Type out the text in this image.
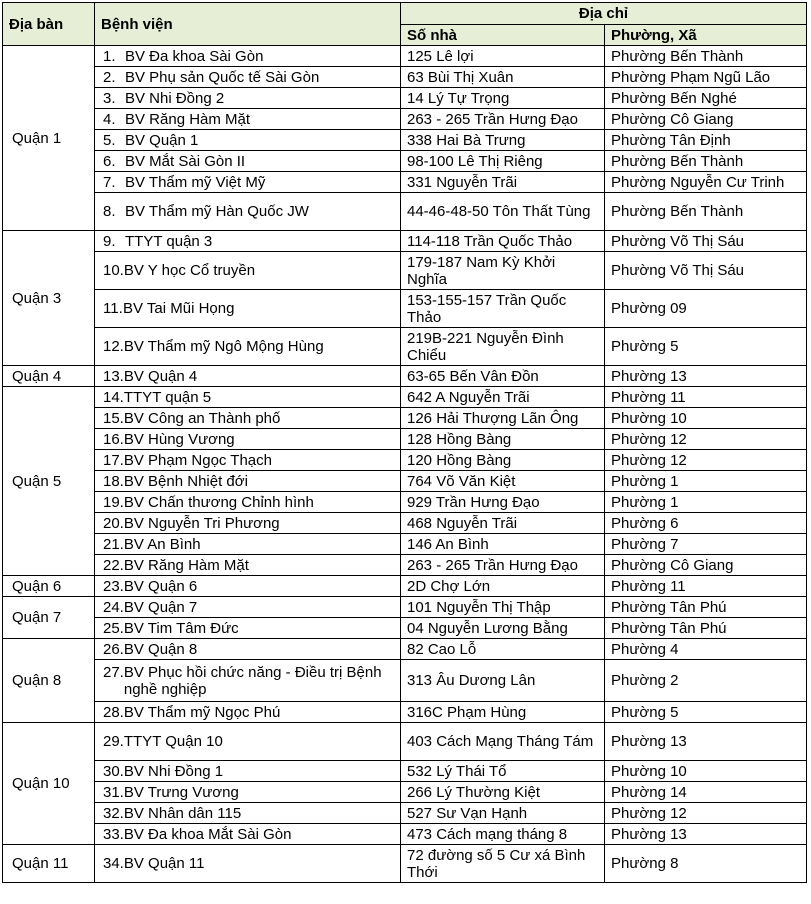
Địa bàn	Bệnh viện	Địa chỉ	
		Số nhà	Phường, Xã
Quận 1	1. BV Đa khoa Sài Gòn	125 Lê lợi	Phường Bến Thành

	2. BV Phụ sản Quốc tế Sài Gòn	63 Bùi Thị Xuân	Phường Phạm Ngũ Lão

	3. BV Nhi Đồng 2	14 Lý Tự Trọng	Phường Bến Nghé

	4. BV Răng Hàm Mặt	263 - 265 Trần Hưng Đạo	Phường Cô Giang

	5. BV Quận 1	338 Hai Bà Trưng	Phường Tân Định

	6. BV Mắt Sài Gòn II	98-100 Lê Thị Riêng	Phường Bến Thành

	7. BV Thẩm mỹ Việt Mỹ	331 Nguyễn Trãi	Phường Nguyễn Cư Trinh

	8. BV Thẩm mỹ Hàn Quốc JW	44-46-48-50 Tôn Thất Tùng	Phường Bến Thành
Quận 3	9. TTYT quận 3	114-118 Trần Quốc Thảo	Phường Võ Thị Sáu

	10. BV Y học Cổ truyền	179-187 Nam Kỳ Khởi Nghĩa	Phường Võ Thị Sáu

	11. BV Tai Mũi Họng	153-155-157 Trần Quốc Thảo	Phường 09

	12. BV Thẩm mỹ Ngô Mộng Hùng	219B-221 Nguyễn Đình Chiểu	Phường 5
Quận 4	13. BV Quận 4	63-65 Bến Vân Đồn	Phường 13
Quận 5	14. TTYT quận 5	642 A Nguyễn Trãi	Phường 11

	15. BV Công an Thành phố	126 Hải Thượng Lãn Ông	Phường 10

	16. BV Hùng Vương	128 Hồng Bàng	Phường 12

	17. BV Phạm Ngọc Thạch	120 Hồng Bàng	Phường 12

	18. BV Bệnh Nhiệt đới	764 Võ Văn Kiệt	Phường 1

	19. BV Chấn thương Chỉnh hình	929 Trần Hưng Đạo	Phường 1

	20. BV Nguyễn Tri Phương	468 Nguyễn Trãi	Phường 6

	21. BV An Bình	146 An Bình	Phường 7

	22. BV Răng Hàm Mặt	263 - 265 Trần Hưng Đạo	Phường Cô Giang
Quận 6	23. BV Quận 6	2D Chợ Lớn	Phường 11
Quận 7	24. BV Quận 7	101 Nguyễn Thị Thập	Phường Tân Phú

	25. BV Tim Tâm Đức	04 Nguyễn Lương Bằng	Phường Tân Phú
Quận 8	26. BV Quận 8	82 Cao Lỗ	Phường 4

	27. BV Phục hồi chức năng - Điều trị Bệnh nghề nghiệp	313 Âu Dương Lân	Phường 2

	28. BV Thẩm mỹ Ngọc Phú	316C Phạm Hùng	Phường 5
Quận 10	29. TTYT Quận 10	403 Cách Mạng Tháng Tám	Phường 13

	30. BV Nhi Đồng 1	532 Lý Thái Tổ	Phường 10

	31. BV Trưng Vương	266 Lý Thường Kiệt	Phường 14

	32. BV Nhân dân 115	527 Sư Vạn Hạnh	Phường 12

	33. BV Đa khoa Mắt Sài Gòn	473 Cách mạng tháng 8	Phường 13
Quận 11	34. BV Quận 11	72 đường số 5 Cư xá Bình Thới	Phường 8
